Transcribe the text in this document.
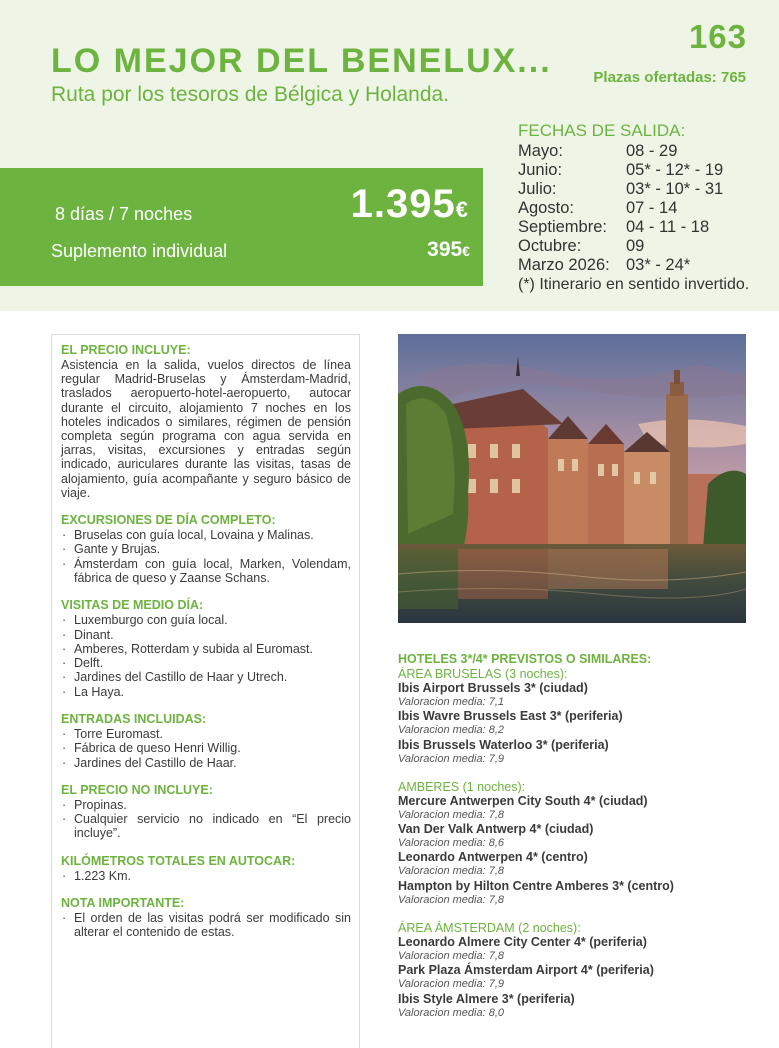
163
Plazas ofertadas: 765
LO MEJOR DEL BENELUX...
Ruta por los tesoros de Bélgica y Holanda.
8 días / 7 noches	1.395€
Suplemento individual	395€
FECHAS DE SALIDA:
Mayo:	08 - 29
Junio:	05* - 12* - 19
Julio:	03* - 10* - 31
Agosto:	07 - 14
Septiembre:	04 - 11 - 18
Octubre:	09
Marzo 2026: 03* - 24*
(*) Itinerario en sentido invertido.
EL PRECIO INCLUYE:
Asistencia en la salida, vuelos directos de línea regular Madrid-Bruselas y Ámsterdam-Madrid, traslados aeropuerto-hotel-aeropuerto, autocar durante el circuito, alojamiento 7 noches en los hoteles indicados o similares, régimen de pensión completa según programa con agua servida en jarras, visitas, excursiones y entradas según indicado, auriculares durante las visitas, tasas de alojamiento, guía acompañante y seguro básico de viaje.
EXCURSIONES DE DÍA COMPLETO:
· Bruselas con guía local, Lovaina y Malinas.
· Gante y Brujas.
· Ámsterdam con guía local, Marken, Volendam, fábrica de queso y Zaanse Schans.
VISITAS DE MEDIO DÍA:
· Luxemburgo con guía local.
· Dinant.
· Amberes, Rotterdam y subida al Euromast.
· Delft.
· Jardines del Castillo de Haar y Utrech.
· La Haya.
ENTRADAS INCLUIDAS:
· Torre Euromast.
· Fábrica de queso Henri Willig.
· Jardines del Castillo de Haar.
EL PRECIO NO INCLUYE:
· Propinas.
· Cualquier servicio no indicado en “El precio incluye”.
KILÓMETROS TOTALES EN AUTOCAR:
· 1.223 Km.
NOTA IMPORTANTE:
· El orden de las visitas podrá ser modificado sin alterar el contenido de estas.
HOTELES 3*/4* PREVISTOS O SIMILARES:
ÁREA BRUSELAS (3 noches):
Ibis Airport Brussels 3* (ciudad)
Valoracion media: 7,1
Ibis Wavre Brussels East 3* (periferia)
Valoracion media: 8,2
Ibis Brussels Waterloo 3* (periferia)
Valoracion media: 7,9
AMBERES (1 noches):
Mercure Antwerpen City South 4* (ciudad)
Valoracion media: 7,8
Van Der Valk Antwerp 4* (ciudad)
Valoracion media: 8,6
Leonardo Antwerpen 4* (centro)
Valoracion media: 7,8
Hampton by Hilton Centre Amberes 3* (centro)
Valoracion media: 7,8
ÁREA ÁMSTERDAM (2 noches):
Leonardo Almere City Center 4* (periferia)
Valoracion media: 7,8
Park Plaza Ámsterdam Airport 4* (periferia)
Valoracion media: 7,9
Ibis Style Almere 3* (periferia)
Valoracion media: 8,0
